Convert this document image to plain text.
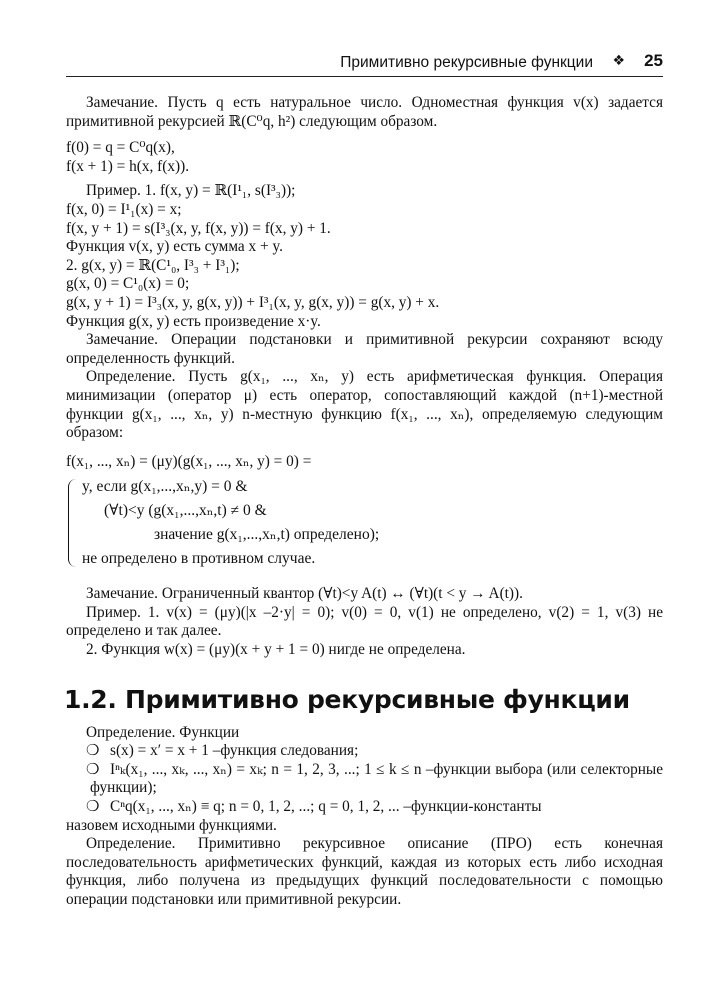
Примитивно рекурсивные функции ❖ 25

Замечание. Пусть q есть натуральное число. Одноместная функция v(x) задается примитивной рекурсией ℝ(C⁰q, h²) следующим образом.

f(0) = q = C⁰q(x),

f(x + 1) = h(x, f(x)).

Пример. 1. f(x, y) = ℝ(I¹₁, s(I³₃));

f(x, 0) = I¹₁(x) = x;

f(x, y + 1) = s(I³₃(x, y, f(x, y)) = f(x, y) + 1.

Функция v(x, y) есть сумма x + y.

2. g(x, y) = ℝ(C¹₀, I³₃ + I³₁);

g(x, 0) = C¹₀(x) = 0;

g(x, y + 1) = I³₃(x, y, g(x, y)) + I³₁(x, y, g(x, y)) = g(x, y) + x.

Функция g(x, y) есть произведение x·y.

Замечание. Операции подстановки и примитивной рекурсии сохраняют всюду определенность функций.

Определение. Пусть g(x₁, ..., xₙ, y) есть арифметическая функция. Операция минимизации (оператор μ) есть оператор, сопоставляющий каждой (n+1)-местной функции g(x₁, ..., xₙ, y) n-местную функцию f(x₁, ..., xₙ), определяемую следующим образом:

f(x₁, ..., xₙ) = (μy)(g(x₁, ..., xₙ, y) = 0) =

y, если g(x₁,...,xₙ,y) = 0 &
(∀t)<y (g(x₁,...,xₙ,t) ≠ 0 &
значение g(x₁,...,xₙ,t) определено);
не определено в противном случае.

Замечание. Ограниченный квантор (∀t)<y A(t) ↔ (∀t)(t < y → A(t)).

Пример. 1. v(x) = (μy)(|x –2·y| = 0); v(0) = 0, v(1) не определено, v(2) = 1, v(3) не определено и так далее.

2. Функция w(x) = (μy)(x + y + 1 = 0) нигде не определена.

1.2. Примитивно рекурсивные функции

Определение. Функции

❍ s(x) = x′ = x + 1 –функция следования;
❍ Iⁿₖ(x₁, ..., xₖ, ..., xₙ) = xₖ; n = 1, 2, 3, ...; 1 ≤ k ≤ n –функции выбора (или селекторные функции);
❍ Cⁿq(x₁, ..., xₙ) ≡ q; n = 0, 1, 2, ...; q = 0, 1, 2, ... –функции-константы

назовем исходными функциями.

Определение. Примитивно рекурсивное описание (ПРО) есть конечная последовательность арифметических функций, каждая из которых есть либо исходная функция, либо получена из предыдущих функций последовательности с помощью операции подстановки или примитивной рекурсии.
